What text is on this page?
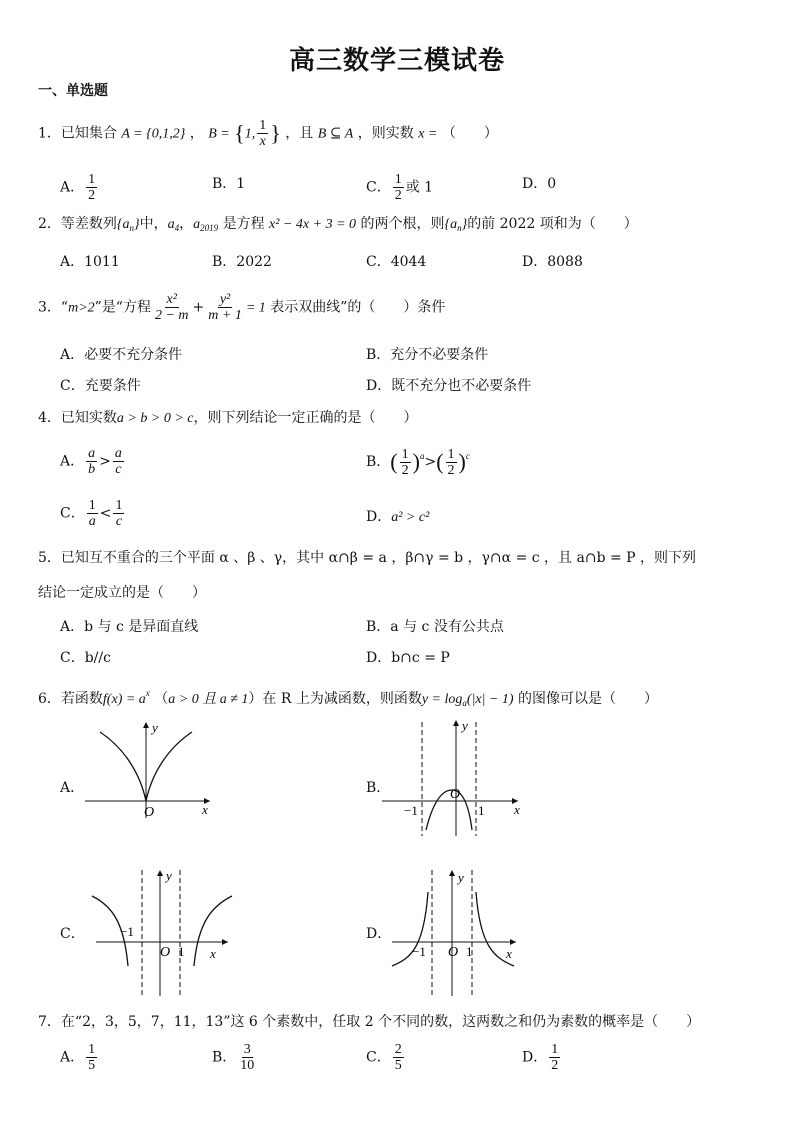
高三数学三模试卷
一、单选题
1．已知集合 A = {0,1,2} ， B = {1, $\frac{1}{x}$ } ，且 B ⊆ A ，则实数 x = （　　）
A． $\frac{1}{2}$	B．1	C． $\frac{1}{2}$ 或 1	D．0
2．等差数列$\{a_n\}$中，$a_4$，$a_{2019}$ 是方程 x² − 4x + 3 = 0 的两个根，则$\{a_n\}$的前 2022 项和为（　　）
A．1011	B．2022	C．4044	D．8088
3．“m>2”是“方程 $\frac{\text{x²}}{2 - m} + \frac{\text{y²}}{m + 1} = 1$ 表示双曲线”的（　　）条件
A．必要不充分条件	B．充分不必要条件
C．充要条件	D．既不充分也不必要条件
4．已知实数a > b > 0 > c，则下列结论一定正确的是（　　）
A． $\frac{a}{b} > \frac{a}{c}$	B．( $\frac{1}{2} )^a>( \frac{1}{2} )^c$
C． $\frac{1}{a} < \frac{1}{c}$	D．a² > c²
5．已知互不重合的三个平面 α 、β 、γ，其中 α∩β = a ，β∩γ = b ，γ∩α = c ，且 a∩b = P ，则下列
结论一定成立的是（　　）
A．b 与 c 是异面直线	B．a 与 c 没有公共点
C．b//c	D．b∩c = P
6．若函数$f(x) = a^x$ （a > 0 且 a ≠ 1）在 R 上为减函数，则函数$y = \log_a(|x| - 1)$ 的图像可以是（　　）
A．	B．
C．	D．
y
x
O
y
x
O
−1	1
y
x
O
−1
1
y
x
O
−1	1
7．在“2，3，5，7，11，13”这 6 个素数中，任取 2 个不同的数，这两数之和仍为素数的概率是（　　）
A． $\frac{1}{5}$	B． $\frac{3}{10}$	C． $\frac{2}{5}$	D． $\frac{1}{2}$
